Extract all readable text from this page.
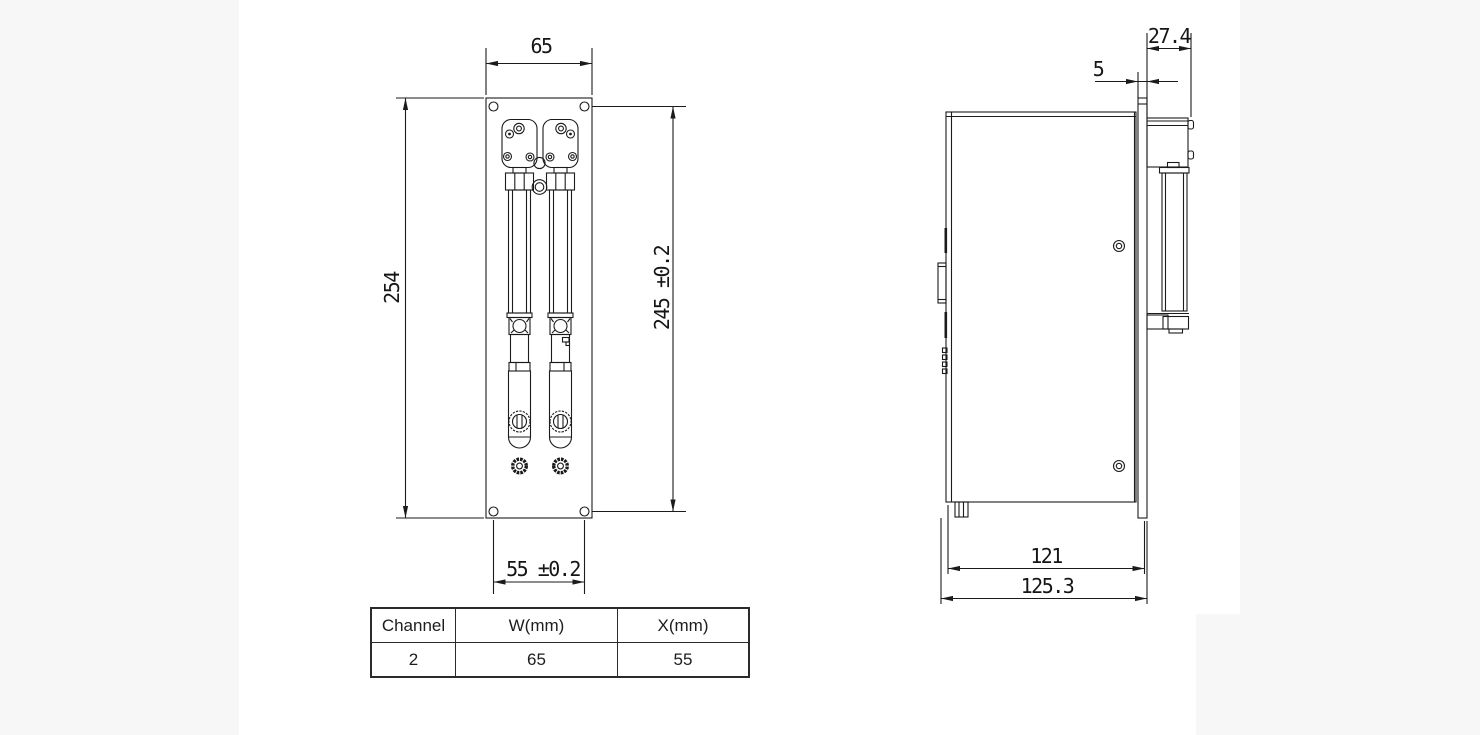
65
254	245 ±0.2
55 ±0.2
27.4
5
121
125.3
Channel	W(mm)	X(mm)
2	65	55
